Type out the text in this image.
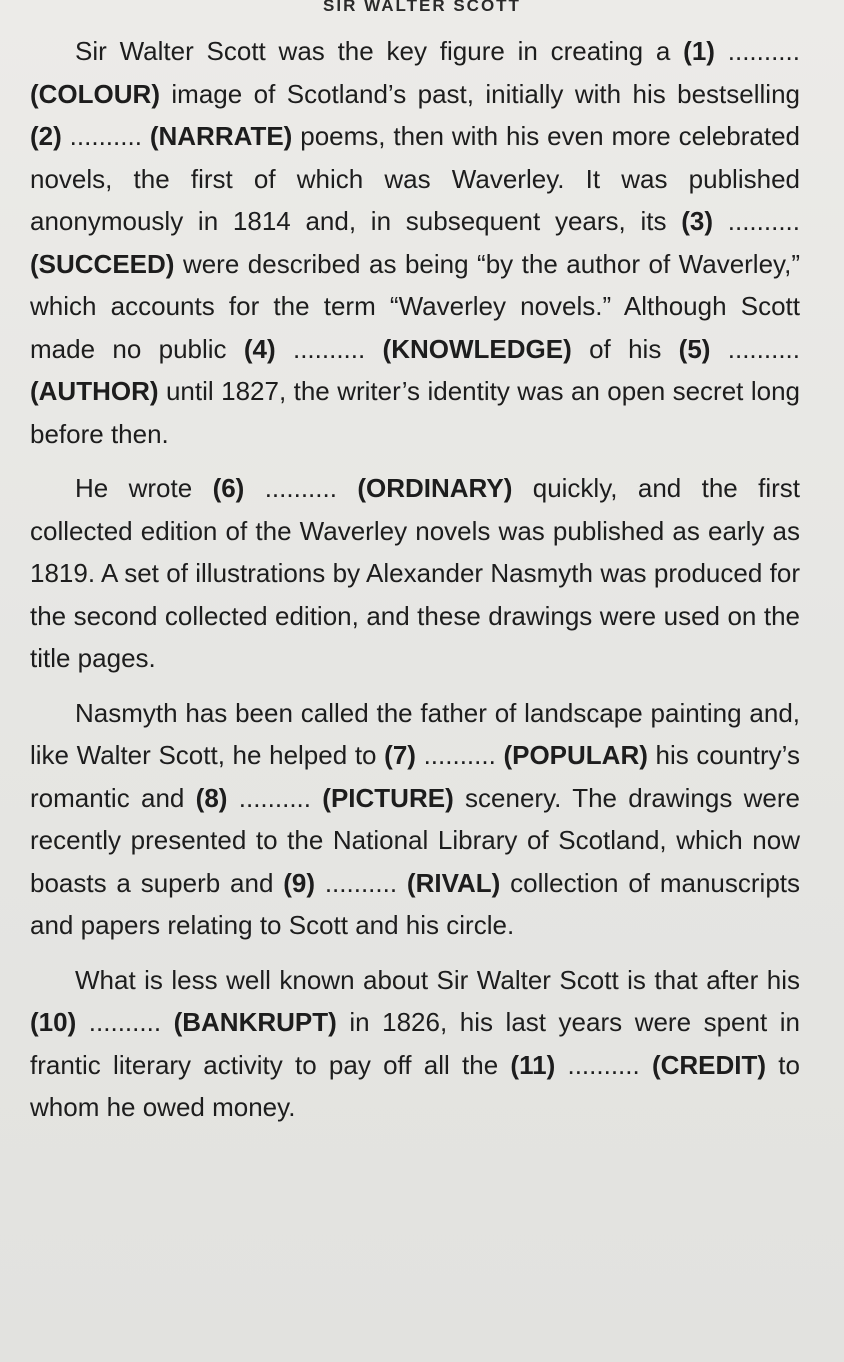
SIR WALTER SCOTT

Sir Walter Scott was the key figure in creating a (1) .......... (COLOUR) image of Scotland’s past, initially with his bestselling (2) .......... (NARRATE) poems, then with his even more celebrated novels, the first of which was Waverley. It was published anonymously in 1814 and, in subsequent years, its (3) .......... (SUCCEED) were described as being “by the author of Waverley,” which accounts for the term “Waverley novels.” Although Scott made no public (4) .......... (KNOWLEDGE) of his (5) .......... (AUTHOR) until 1827, the writer’s identity was an open secret long before then.

He wrote (6) .......... (ORDINARY) quickly, and the first collected edition of the Waverley novels was published as early as 1819. A set of illustrations by Alexander Nasmyth was produced for the second collected edition, and these drawings were used on the title pages.

Nasmyth has been called the father of landscape painting and, like Walter Scott, he helped to (7) .......... (POPULAR) his country’s romantic and (8) .......... (PICTURE) scenery. The drawings were recently presented to the National Library of Scotland, which now boasts a superb and (9) .......... (RIVAL) collection of manuscripts and papers relating to Scott and his circle.

What is less well known about Sir Walter Scott is that after his (10) .......... (BANKRUPT) in 1826, his last years were spent in frantic literary activity to pay off all the (11) .......... (CREDIT) to whom he owed money.
